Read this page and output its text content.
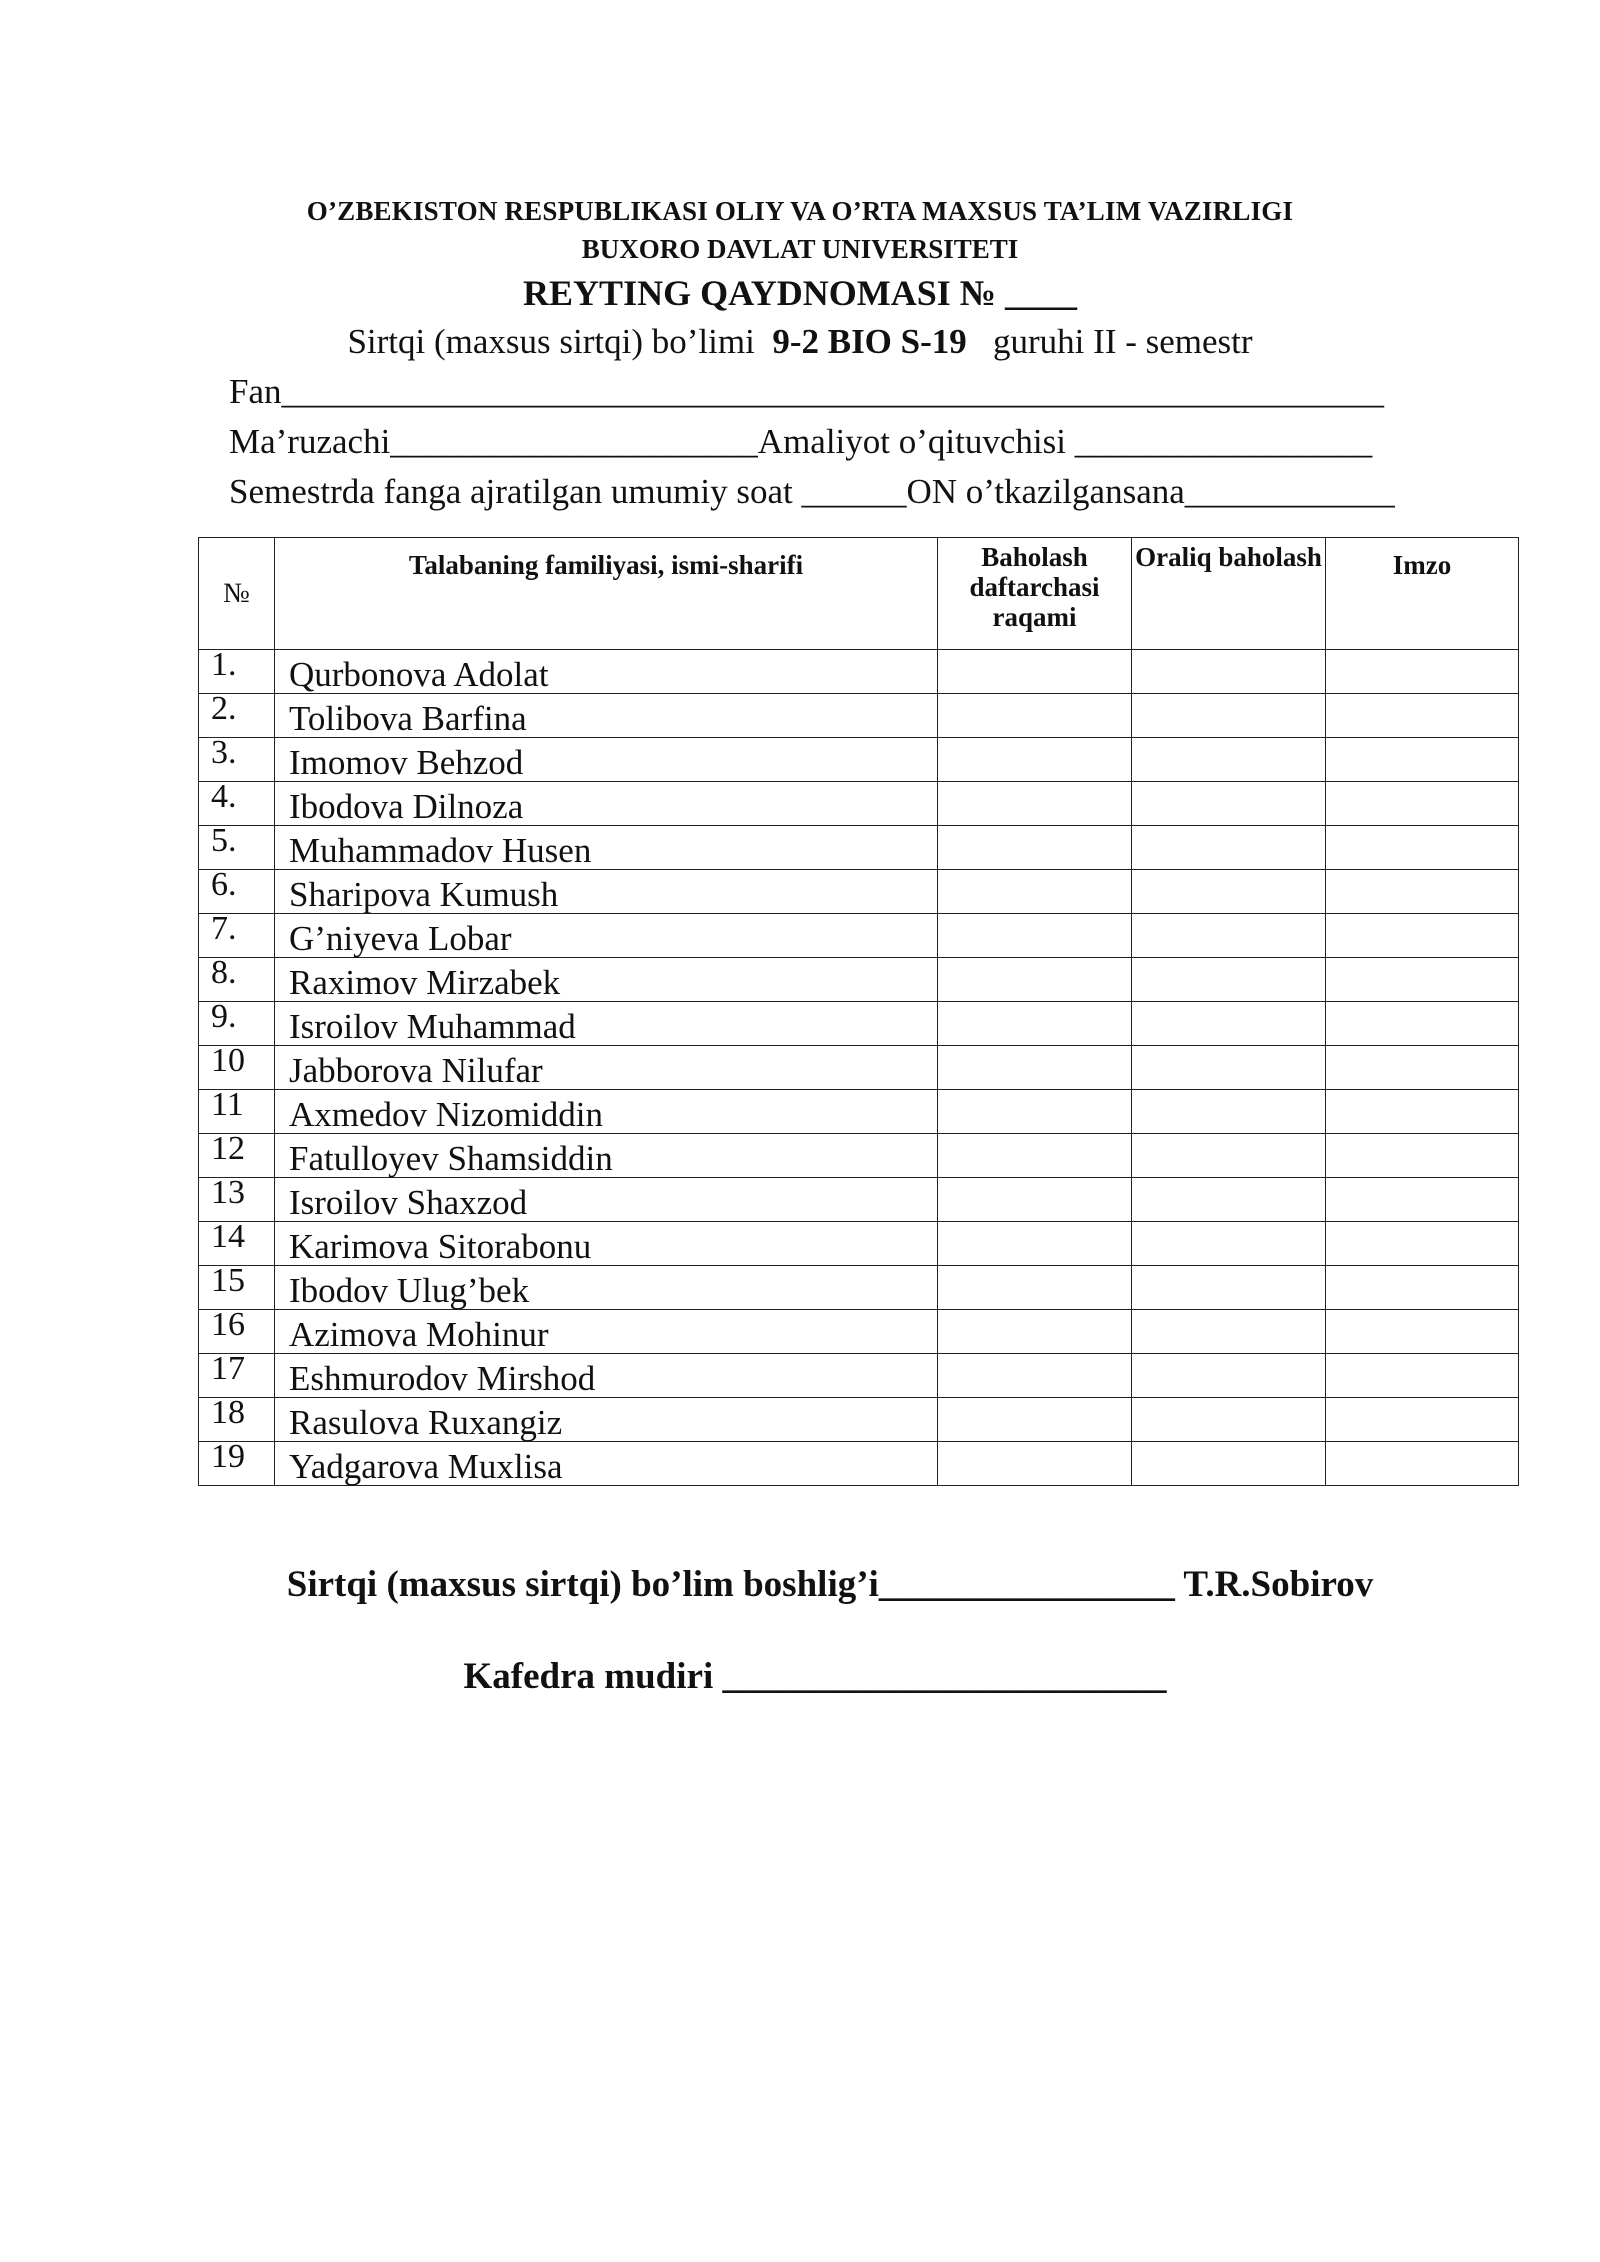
O’ZBEKISTON RESPUBLIKASI OLIY VA O’RTA MAXSUS TA’LIM VAZIRLIGI
BUXORO DAVLAT UNIVERSITETI
REYTING QAYDNOMASI № ____
Sirtqi (maxsus sirtqi) bo’limi 9-2 BIO S-19 guruhi II - semestr
Fan_______________________________________________________________
Ma’ruzachi_____________________Amaliyot o’qituvchisi _________________
Semestrda fanga ajratilgan umumiy soat ______ON o’tkazilgansana____________
№	Talabaning familiyasi, ismi-sharifi	Baholash daftarchasi raqami	Oraliq baholash	Imzo
1.	Qurbonova Adolat			
2.	Tolibova Barfina			
3.	Imomov Behzod			
4.	Ibodova Dilnoza			
5.	Muhammadov Husen			
6.	Sharipova Kumush			
7.	G’niyeva Lobar			
8.	Raximov Mirzabek			
9.	Isroilov Muhammad			
10	Jabborova Nilufar			
11	Axmedov Nizomiddin			
12	Fatulloyev Shamsiddin			
13	Isroilov Shaxzod			
14	Karimova Sitorabonu			
15	Ibodov Ulug’bek			
16	Azimova Mohinur			
17	Eshmurodov Mirshod			
18	Rasulova Ruxangiz			
19	Yadgarova Muxlisa			
Sirtqi (maxsus sirtqi) bo’lim boshlig’i________________ T.R.Sobirov
Kafedra mudiri ________________________
